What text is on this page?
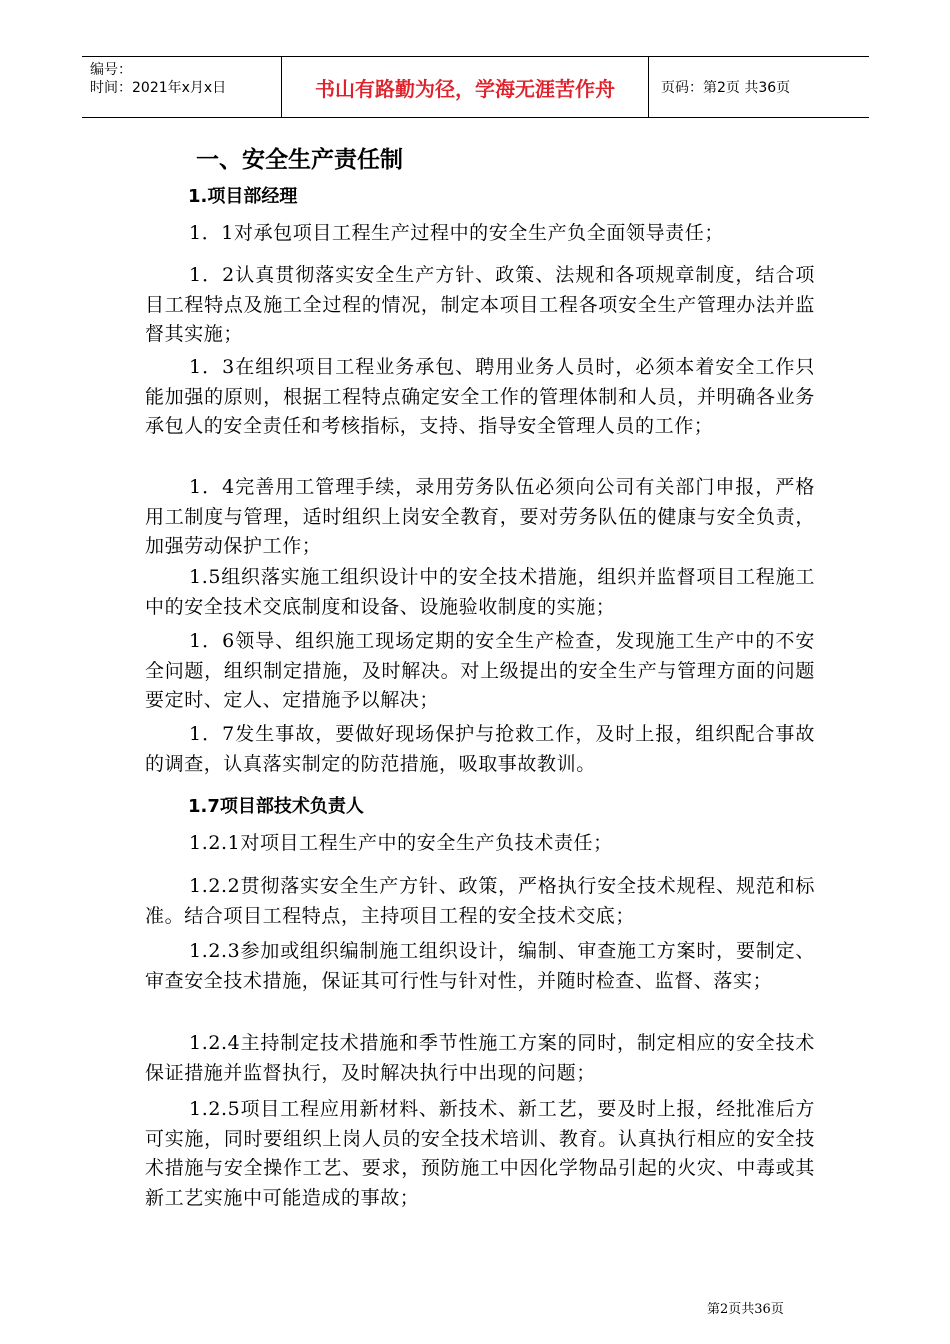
编号：
时间：2021年x月x日	书山有路勤为径，学海无涯苦作舟	页码：第2页 共36页
一、安全生产责任制
1.项目部经理
1．1对承包项目工程生产过程中的安全生产负全面领导责任；
1．2认真贯彻落实安全生产方针、政策、法规和各项规章制度，结合项目工程特点及施工全过程的情况，制定本项目工程各项安全生产管理办法并监督其实施；
1．3在组织项目工程业务承包、聘用业务人员时，必须本着安全工作只能加强的原则，根据工程特点确定安全工作的管理体制和人员，并明确各业务承包人的安全责任和考核指标，支持、指导安全管理人员的工作；
1．4完善用工管理手续，录用劳务队伍必须向公司有关部门申报，严格用工制度与管理，适时组织上岗安全教育，要对劳务队伍的健康与安全负责，加强劳动保护工作；
1.5组织落实施工组织设计中的安全技术措施，组织并监督项目工程施工中的安全技术交底制度和设备、设施验收制度的实施；
1．6领导、组织施工现场定期的安全生产检查，发现施工生产中的不安全问题，组织制定措施，及时解决。对上级提出的安全生产与管理方面的问题要定时、定人、定措施予以解决；
1．7发生事故，要做好现场保护与抢救工作，及时上报，组织配合事故的调查，认真落实制定的防范措施，吸取事故教训。
1.7项目部技术负责人
1.2.1对项目工程生产中的安全生产负技术责任；
1.2.2贯彻落实安全生产方针、政策，严格执行安全技术规程、规范和标准。结合项目工程特点，主持项目工程的安全技术交底；
1.2.3参加或组织编制施工组织设计，编制、审查施工方案时，要制定、审查安全技术措施，保证其可行性与针对性，并随时检查、监督、落实；
1.2.4主持制定技术措施和季节性施工方案的同时，制定相应的安全技术保证措施并监督执行，及时解决执行中出现的问题；
1.2.5项目工程应用新材料、新技术、新工艺，要及时上报，经批准后方可实施，同时要组织上岗人员的安全技术培训、教育。认真执行相应的安全技术措施与安全操作工艺、要求，预防施工中因化学物品引起的火灾、中毒或其新工艺实施中可能造成的事故；
第2页共36页
